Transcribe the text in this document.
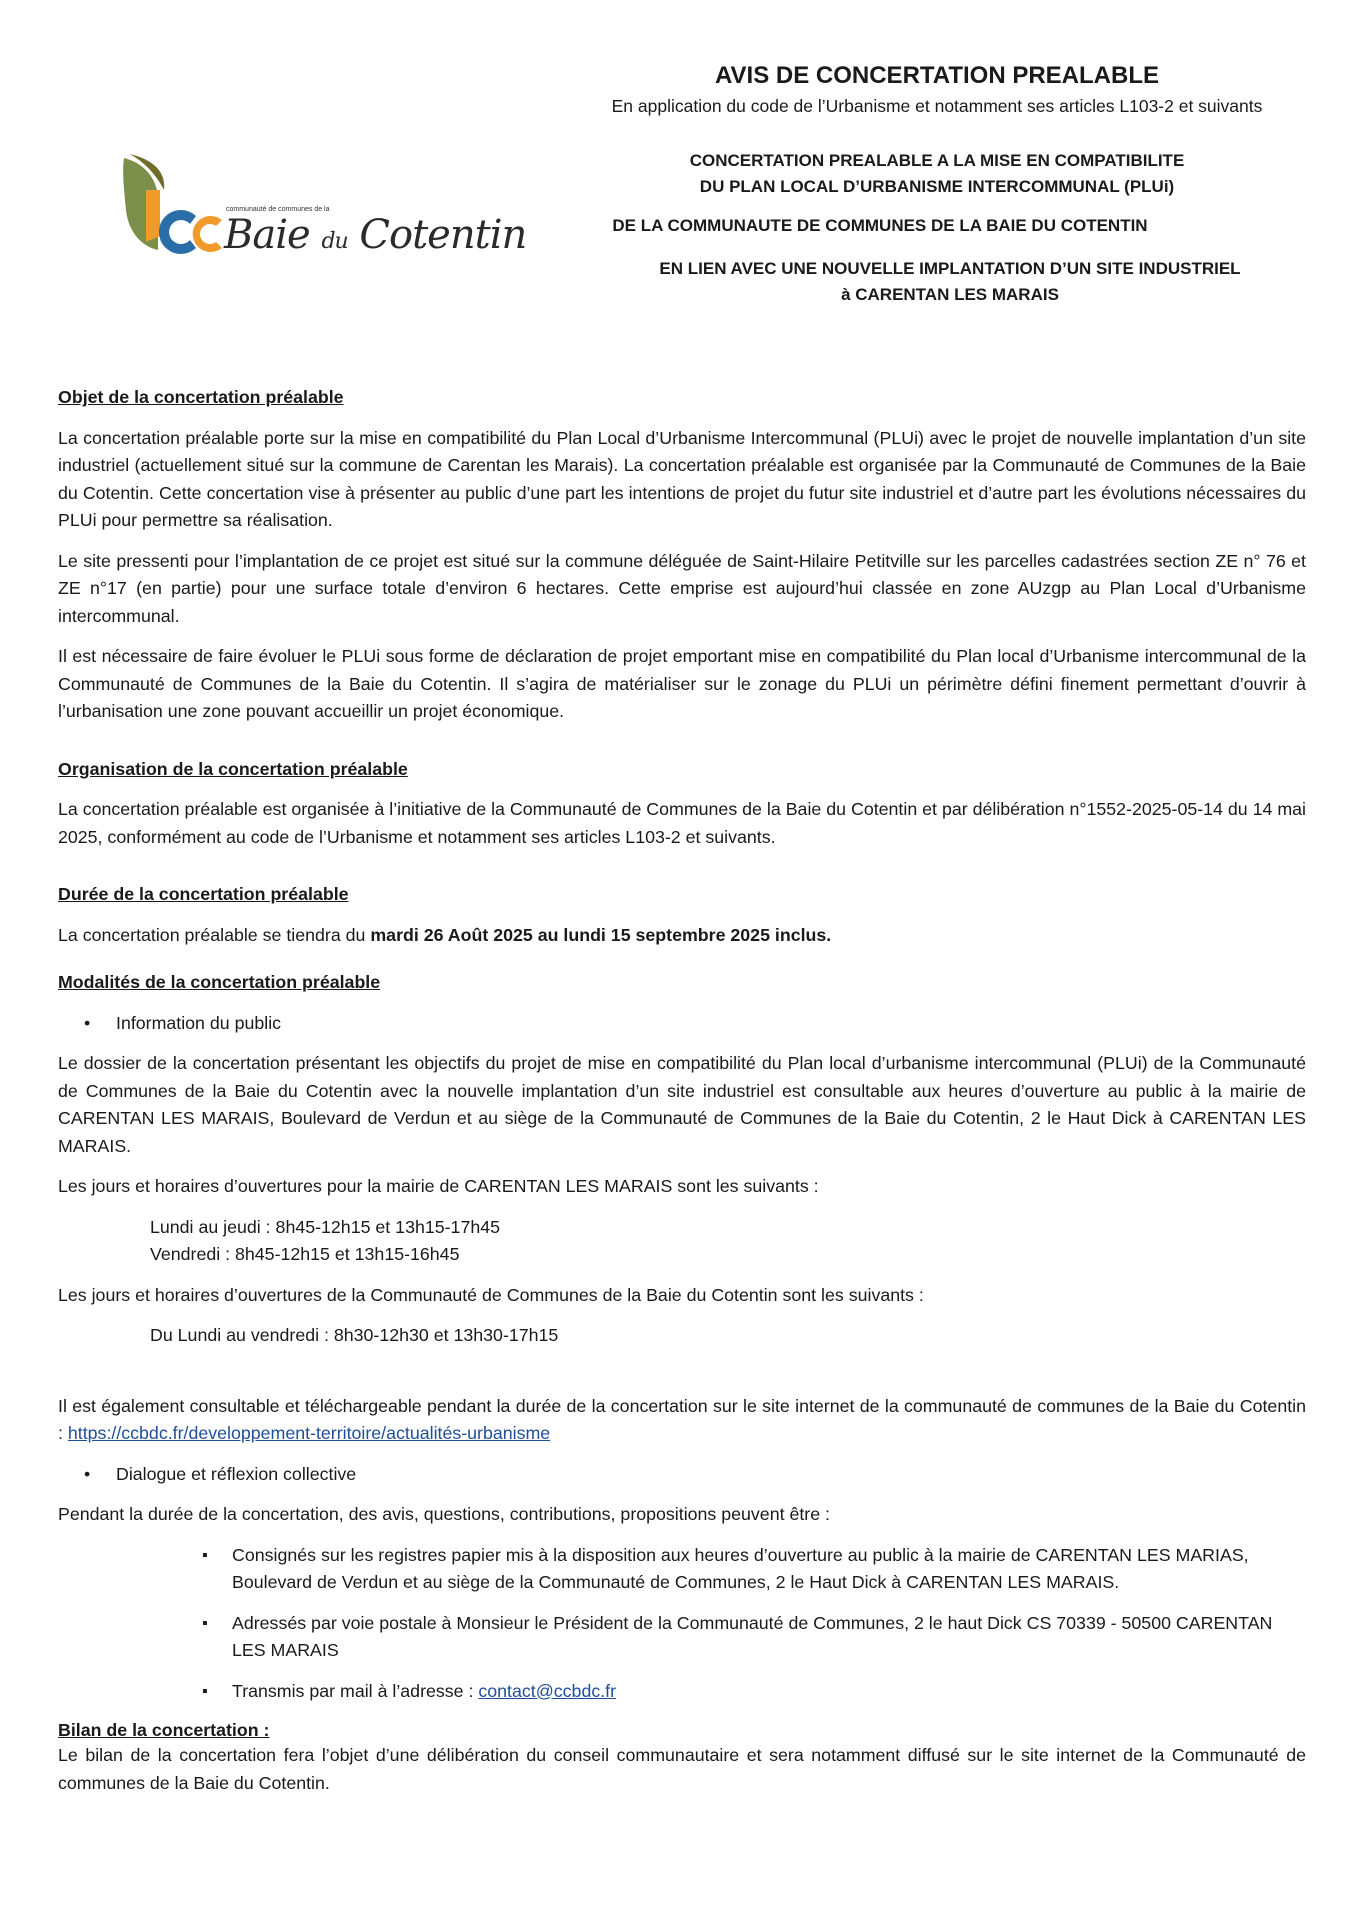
communauté de communes de la
Baie du Cotentin
AVIS DE CONCERTATION PREALABLE
En application du code de l’Urbanisme et notamment ses articles L103-2 et suivants
CONCERTATION PREALABLE A LA MISE EN COMPATIBILITE
DU PLAN LOCAL D’URBANISME INTERCOMMUNAL (PLUi)
DE LA COMMUNAUTE DE COMMUNES DE LA BAIE DU COTENTIN
EN LIEN AVEC UNE NOUVELLE IMPLANTATION D’UN SITE INDUSTRIEL
à CARENTAN LES MARAIS
Objet de la concertation préalable

La concertation préalable porte sur la mise en compatibilité du Plan Local d’Urbanisme Intercommunal (PLUi) avec le projet de nouvelle implantation d’un site industriel (actuellement situé sur la commune de Carentan les Marais). La concertation préalable est organisée par la Communauté de Communes de la Baie du Cotentin. Cette concertation vise à présenter au public d’une part les intentions de projet du futur site industriel et d’autre part les évolutions nécessaires du PLUi pour permettre sa réalisation.

Le site pressenti pour l’implantation de ce projet est situé sur la commune déléguée de Saint-Hilaire Petitville sur les parcelles cadastrées section ZE n° 76 et ZE n°17 (en partie) pour une surface totale d’environ 6 hectares. Cette emprise est aujourd’hui classée en zone AUzgp au Plan Local d’Urbanisme intercommunal.

Il est nécessaire de faire évoluer le PLUi sous forme de déclaration de projet emportant mise en compatibilité du Plan local d’Urbanisme intercommunal de la Communauté de Communes de la Baie du Cotentin. Il s’agira de matérialiser sur le zonage du PLUi un périmètre défini finement permettant d’ouvrir à l’urbanisation une zone pouvant accueillir un projet économique.

Organisation de la concertation préalable

La concertation préalable est organisée à l’initiative de la Communauté de Communes de la Baie du Cotentin et par délibération n°1552-2025-05-14 du 14 mai 2025, conformément au code de l’Urbanisme et notamment ses articles L103-2 et suivants.

Durée de la concertation préalable

La concertation préalable se tiendra du mardi 26 Août 2025 au lundi 15 septembre 2025 inclus.

Modalités de la concertation préalable
• Information du public

Le dossier de la concertation présentant les objectifs du projet de mise en compatibilité du Plan local d’urbanisme intercommunal (PLUi) de la Communauté de Communes de la Baie du Cotentin avec la nouvelle implantation d’un site industriel est consultable aux heures d’ouverture au public à la mairie de CARENTAN LES MARAIS, Boulevard de Verdun et au siège de la Communauté de Communes de la Baie du Cotentin, 2 le Haut Dick à CARENTAN LES MARAIS.

Les jours et horaires d’ouvertures pour la mairie de CARENTAN LES MARAIS sont les suivants :

Lundi au jeudi : 8h45-12h15 et 13h15-17h45
Vendredi : 8h45-12h15 et 13h15-16h45

Les jours et horaires d’ouvertures de la Communauté de Communes de la Baie du Cotentin sont les suivants :

Du Lundi au vendredi : 8h30-12h30 et 13h30-17h15

Il est également consultable et téléchargeable pendant la durée de la concertation sur le site internet de la communauté de communes de la Baie du Cotentin : https://ccbdc.fr/developpement-territoire/actualités-urbanisme

• Dialogue et réflexion collective

Pendant la durée de la concertation, des avis, questions, contributions, propositions peuvent être :

▪ Consignés sur les registres papier mis à la disposition aux heures d’ouverture au public à la mairie de CARENTAN LES MARIAS, Boulevard de Verdun et au siège de la Communauté de Communes, 2 le Haut Dick à CARENTAN LES MARAIS.
▪ Adressés par voie postale à Monsieur le Président de la Communauté de Communes, 2 le haut Dick CS 70339 - 50500 CARENTAN LES MARAIS
▪ Transmis par mail à l’adresse : contact@ccbdc.fr
Bilan de la concertation :

Le bilan de la concertation fera l’objet d’une délibération du conseil communautaire et sera notamment diffusé sur le site internet de la Communauté de communes de la Baie du Cotentin.
